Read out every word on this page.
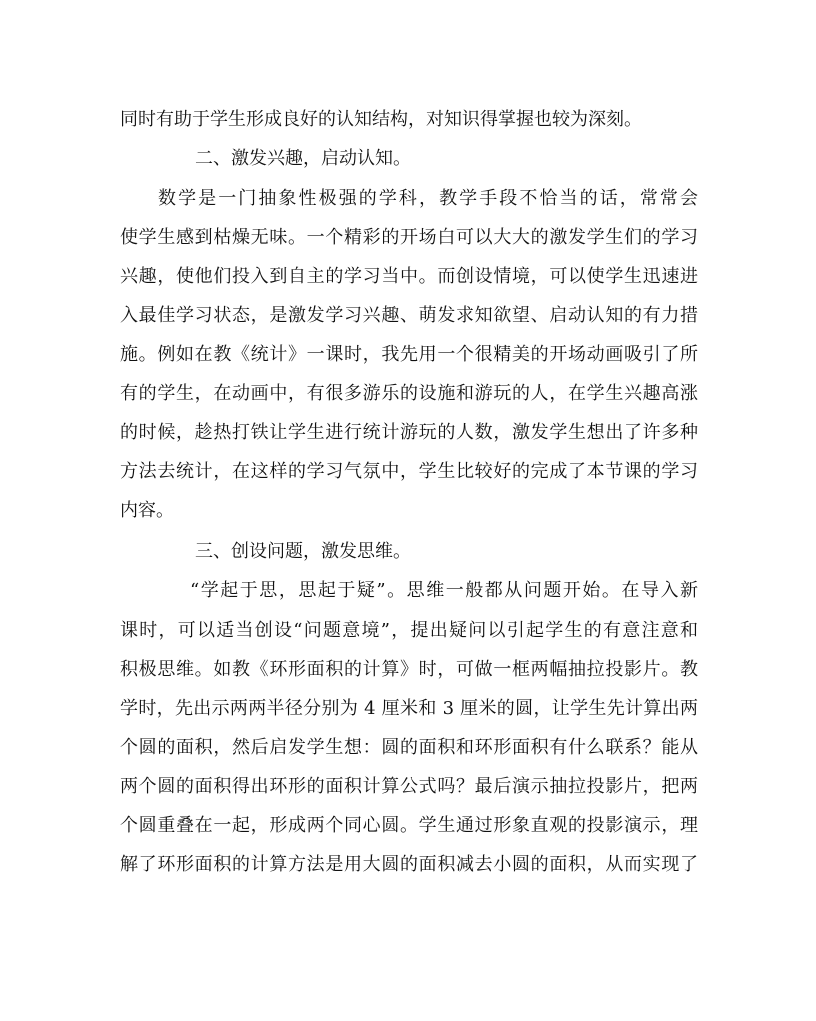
同时有助于学生形成良好的认知结构，对知识得掌握也较为深刻。
二、激发兴趣，启动认知。
数学是一门抽象性极强的学科，教学手段不恰当的话，常常会
使学生感到枯燥无味。一个精彩的开场白可以大大的激发学生们的学习
兴趣，使他们投入到自主的学习当中。而创设情境，可以使学生迅速进
入最佳学习状态，是激发学习兴趣、萌发求知欲望、启动认知的有力措
施。例如在教《统计》一课时，我先用一个很精美的开场动画吸引了所
有的学生，在动画中，有很多游乐的设施和游玩的人，在学生兴趣高涨
的时候，趁热打铁让学生进行统计游玩的人数，激发学生想出了许多种
方法去统计，在这样的学习气氛中，学生比较好的完成了本节课的学习
内容。
三、创设问题，激发思维。
“学起于思，思起于疑”。思维一般都从问题开始。在导入新
课时，可以适当创设“问题意境”，提出疑问以引起学生的有意注意和
积极思维。如教《环形面积的计算》时，可做一框两幅抽拉投影片。教
学时，先出示两两半径分别为 4 厘米和 3 厘米的圆，让学生先计算出两
个圆的面积，然后启发学生想：圆的面积和环形面积有什么联系？能从
两个圆的面积得出环形的面积计算公式吗？最后演示抽拉投影片，把两
个圆重叠在一起，形成两个同心圆。学生通过形象直观的投影演示，理
解了环形面积的计算方法是用大圆的面积减去小圆的面积，从而实现了
